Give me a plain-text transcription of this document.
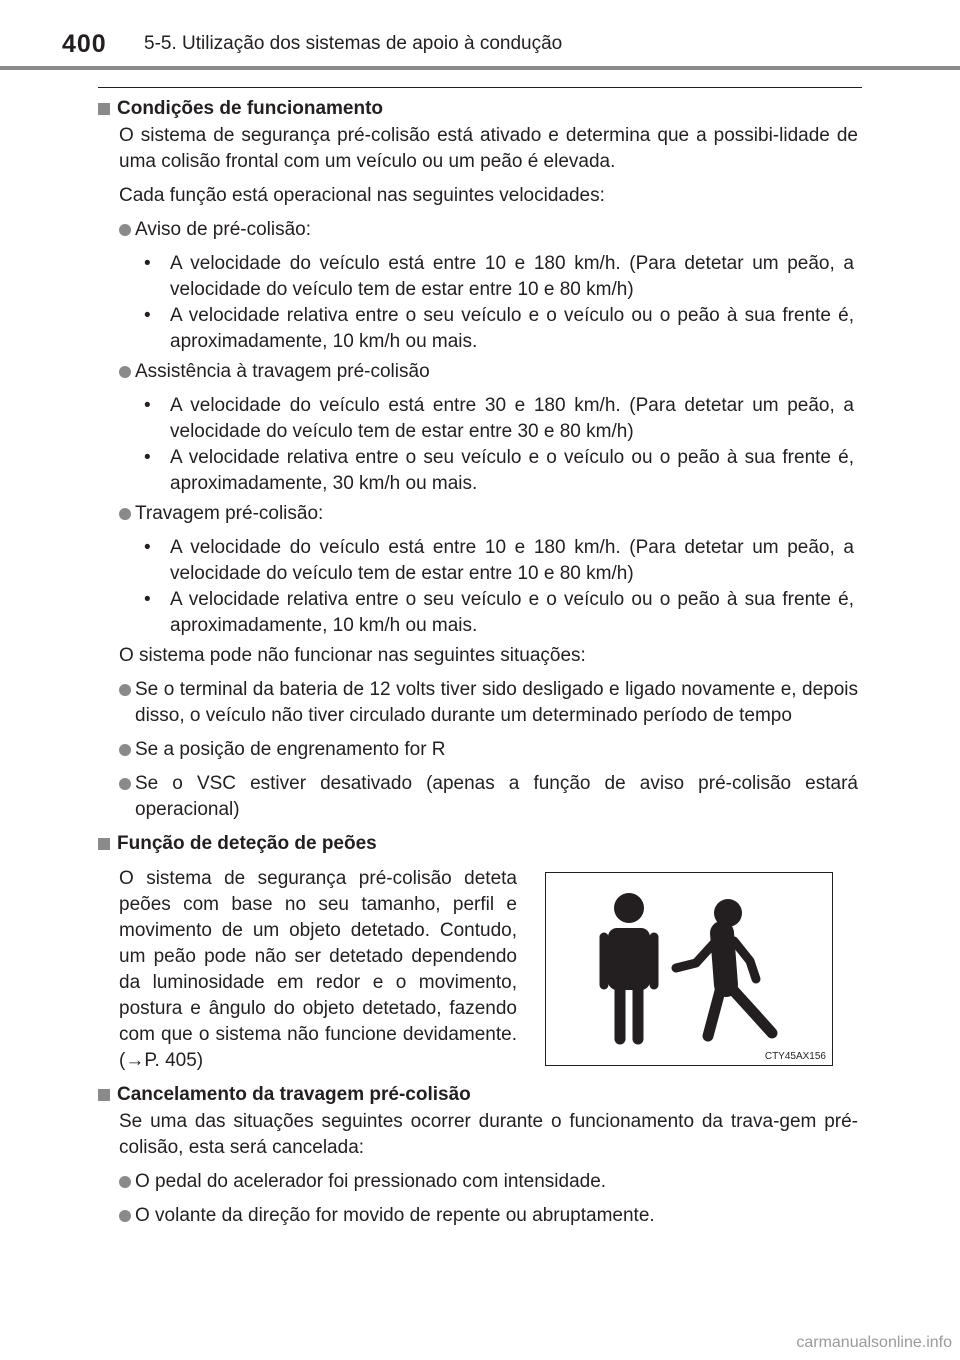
400 5-5. Utilização dos sistemas de apoio à condução
Condições de funcionamento
O sistema de segurança pré-colisão está ativado e determina que a possibi-lidade de uma colisão frontal com um veículo ou um peão é elevada.
Cada função está operacional nas seguintes velocidades:
Aviso de pré-colisão:
•	A velocidade do veículo está entre 10 e 180 km/h. (Para detetar um peão, a velocidade do veículo tem de estar entre 10 e 80 km/h)
•	A velocidade relativa entre o seu veículo e o veículo ou o peão à sua frente é, aproximadamente, 10 km/h ou mais.
Assistência à travagem pré-colisão
•	A velocidade do veículo está entre 30 e 180 km/h. (Para detetar um peão, a velocidade do veículo tem de estar entre 30 e 80 km/h)
•	A velocidade relativa entre o seu veículo e o veículo ou o peão à sua frente é, aproximadamente, 30 km/h ou mais.
Travagem pré-colisão:
•	A velocidade do veículo está entre 10 e 180 km/h. (Para detetar um peão, a velocidade do veículo tem de estar entre 10 e 80 km/h)
•	A velocidade relativa entre o seu veículo e o veículo ou o peão à sua frente é, aproximadamente, 10 km/h ou mais.
O sistema pode não funcionar nas seguintes situações:
Se o terminal da bateria de 12 volts tiver sido desligado e ligado novamente e, depois disso, o veículo não tiver circulado durante um determinado período de tempo
Se a posição de engrenamento for R
Se o VSC estiver desativado (apenas a função de aviso pré-colisão estará operacional)
Função de deteção de peões
O sistema de segurança pré-colisão deteta peões com base no seu tamanho, perfil e movimento de um objeto detetado. Contudo, um peão pode não ser detetado dependendo da luminosidade em redor e o movimento, postura e ângulo do objeto detetado, fazendo com que o sistema não funcione devidamente. (→P. 405)	CTY45AX156
Cancelamento da travagem pré-colisão
Se uma das situações seguintes ocorrer durante o funcionamento da trava-gem pré-colisão, esta será cancelada:
O pedal do acelerador foi pressionado com intensidade.
O volante da direção for movido de repente ou abruptamente.
carmanualsonline.info
